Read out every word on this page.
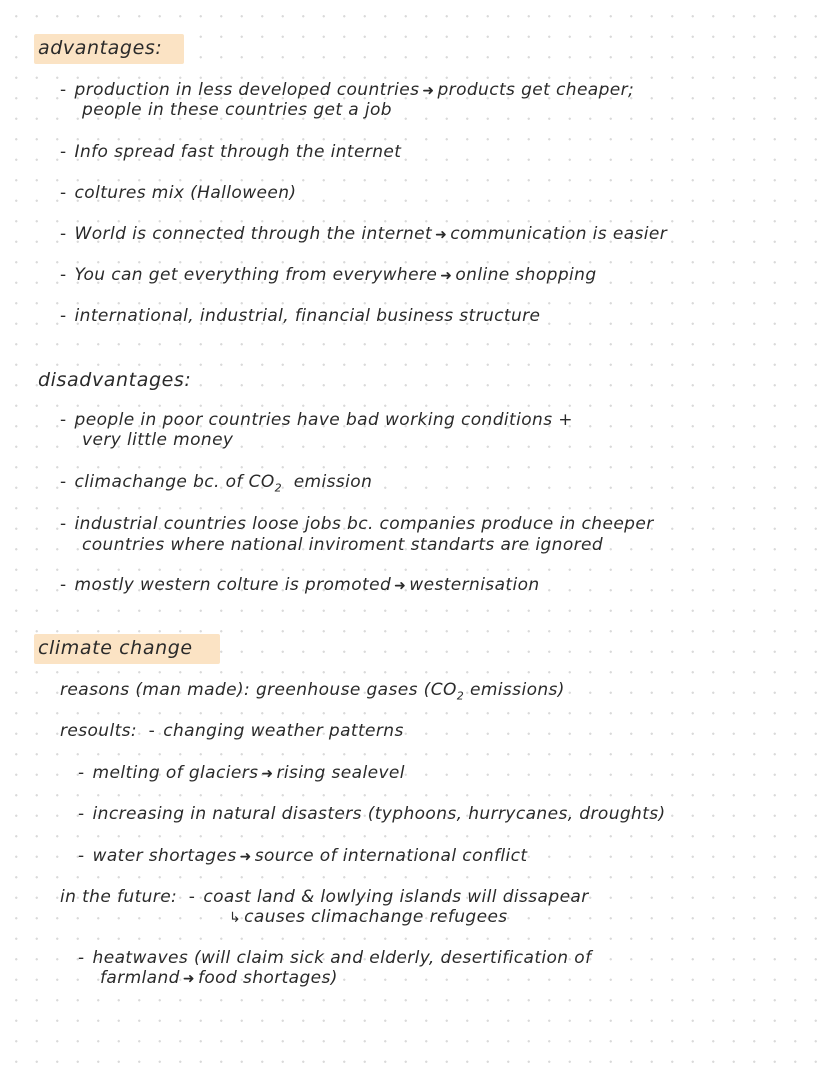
advantages:
- production in less developed countries ➜ products get cheaper;
people in these countries get a job
- Info spread fast through the internet
- coltures mix (Halloween)
- World is connected through the internet ➜ communication is easier
- You can get everything from everywhere ➜ online shopping
- international, industrial, financial business structure
disadvantages:
- people in poor countries have bad working conditions +
very little money
- climachange bc. of $CO_2$ emission
- industrial countries loose jobs bc. companies produce in cheeper
countries where national inviroment standarts are ignored
- mostly western colture is promoted ➜ westernisation
climate change
reasons (man made): greenhouse gases ($CO_2$ emissions)
resoults: - changing weather patterns
- melting of glaciers ➜ rising sealevel
- increasing in natural disasters (typhoons, hurrycanes, droughts)
- water shortages ➜ source of international conflict
in the future: - coast land & lowlying islands will dissapear
↳ causes climachange refugees
- heatwaves (will claim sick and elderly, desertification of
farmland ➜ food shortages)
